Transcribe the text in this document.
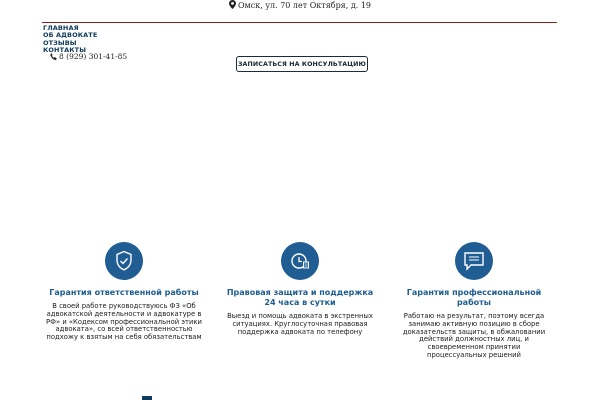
Омск, ул. 70 лет Октября, д. 19
ГЛАВНАЯ
ОБ АДВОКАТЕ
ОТЗЫВЫ
КОНТАКТЫ
8 (929) 301-41-85
ЗАПИСАТЬСЯ НА КОНСУЛЬТАЦИЮ
Гарантия ответственной работы
В своей работе руководствуюсь ФЗ «Об адвокатской деятельности и адвокатуре в РФ» и «Кодексом профессиональной этики адвоката», со всей ответственностью подхожу к взятым на себя обязательствам
Правовая защита и поддержка 24 часа в сутки
Выезд и помощь адвоката в экстренных ситуациях. Круглосуточная правовая поддержка адвоката по телефону
Гарантия профессиональной работы
Работаю на результат, поэтому всегда занимаю активную позицию в сборе доказательств защиты, в обжаловании действий должностных лиц, и своевременном принятии процессуальных решений
